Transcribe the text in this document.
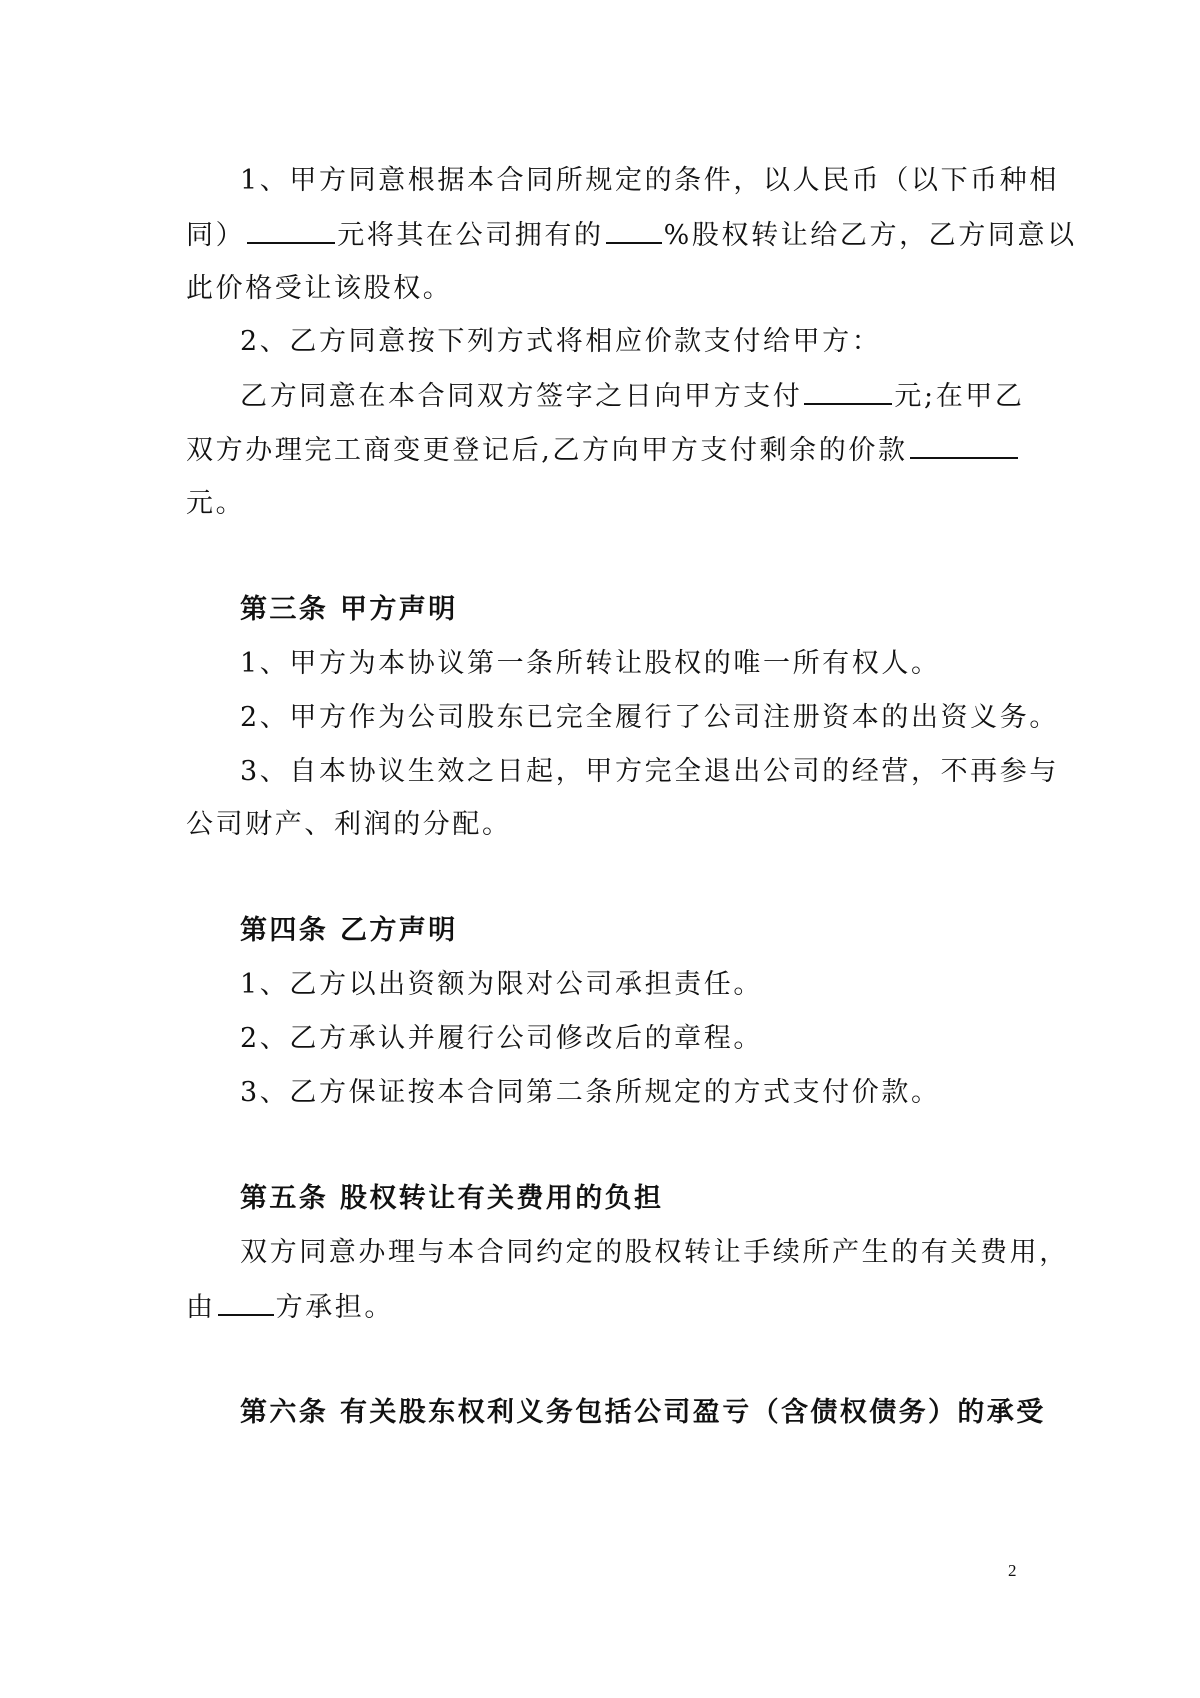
1、甲方同意根据本合同所规定的条件，以人民币（以下币种相
同）	元将其在公司拥有的 %股权转让给乙方，乙方同意以
此价格受让该股权。
2、乙方同意按下列方式将相应价款支付给甲方：
乙方同意在本合同双方签字之日向甲方支付	元;在甲乙
双方办理完工商变更登记后,乙方向甲方支付剩余的价款
元。
第三条 甲方声明
1、甲方为本协议第一条所转让股权的唯一所有权人。
2、甲方作为公司股东已完全履行了公司注册资本的出资义务。
3、自本协议生效之日起，甲方完全退出公司的经营，不再参与
公司财产、利润的分配。
第四条 乙方声明
1、乙方以出资额为限对公司承担责任。
2、乙方承认并履行公司修改后的章程。
3、乙方保证按本合同第二条所规定的方式支付价款。
第五条 股权转让有关费用的负担
双方同意办理与本合同约定的股权转让手续所产生的有关费用，
由 方承担。
第六条 有关股东权利义务包括公司盈亏（含债权债务）的承受
2
